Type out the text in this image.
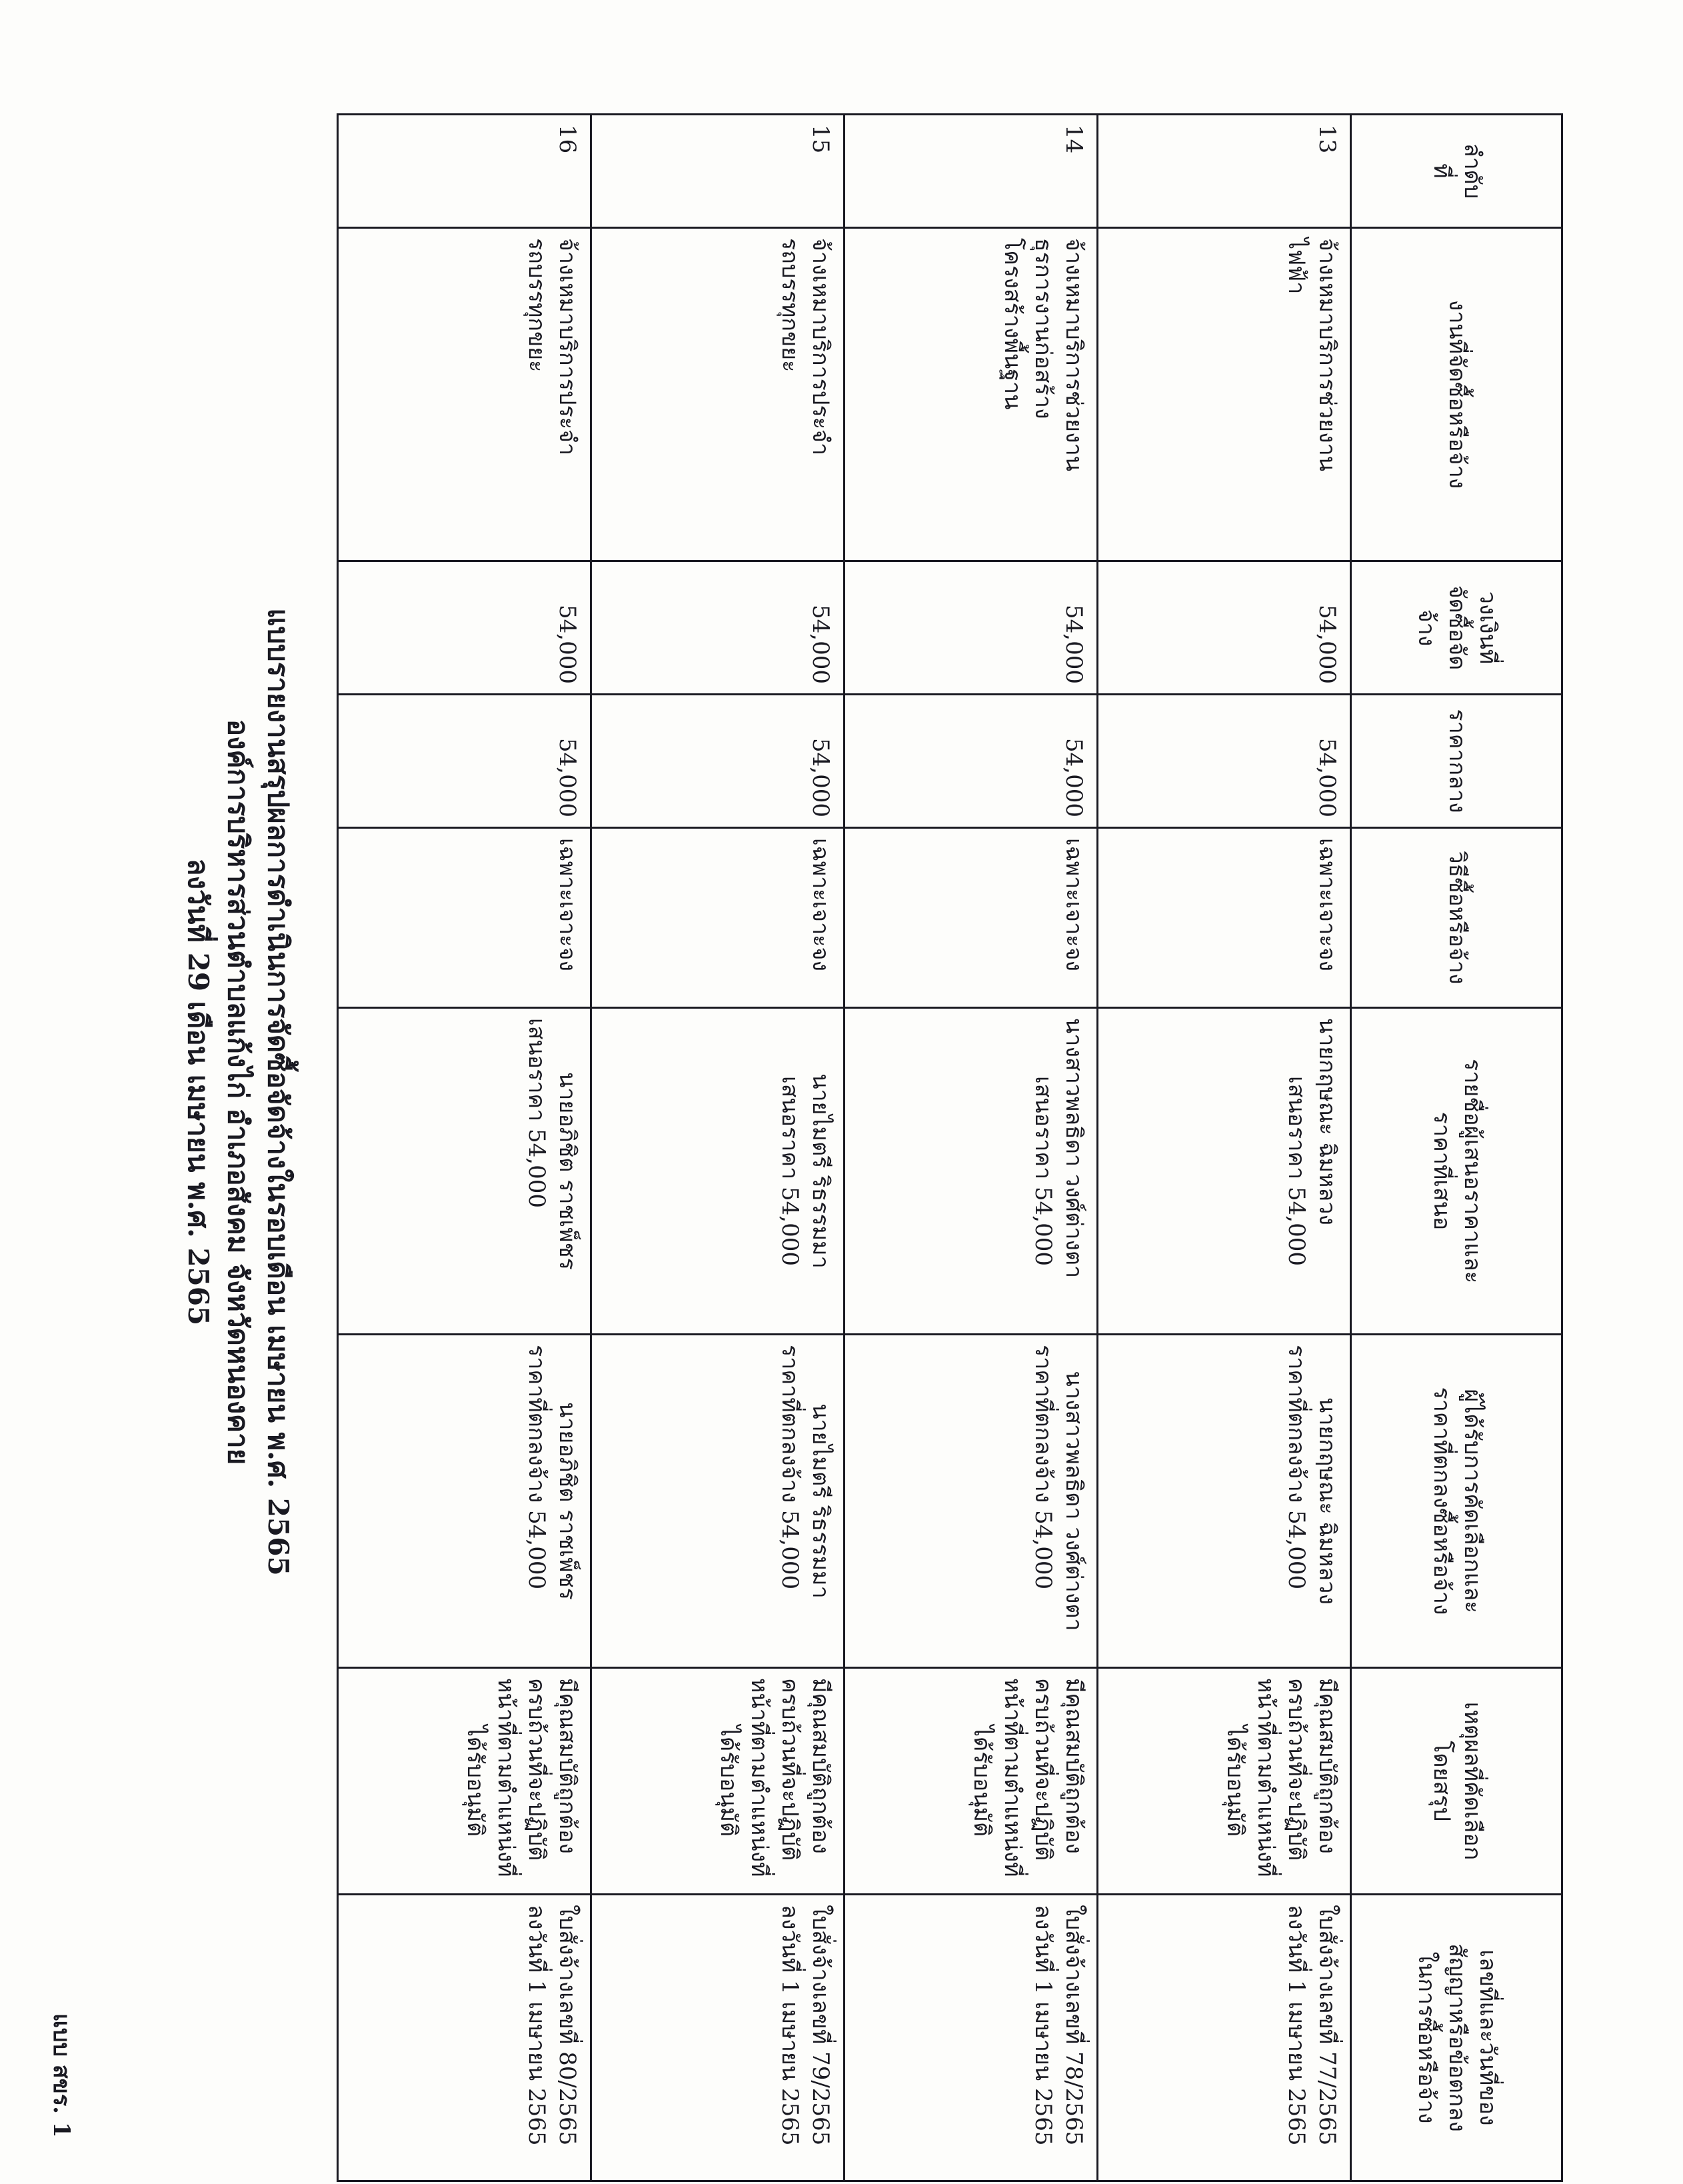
แบบ สขร. 1
แบบรายงานสรุปผลการดำเนินการจัดซื้อจัดจ้างในรอบเดือน เมษายน พ.ศ. 2565
องค์การบริหารส่วนตำบลแก้งไก่ อำเภอสังคม จังหวัดหนองคาย
ลงวันที่ 29 เดือน เมษายน พ.ศ. 2565
ลำดับ
ที่	งานที่จัดซื้อหรือจ้าง	วงเงินที่
จัดซื้อจัด
จ้าง	ราคากลาง	วิธีซื้อหรือจ้าง	รายชื่อผู้เสนอราคาและ
ราคาที่เสนอ	ผู้ได้รับการคัดเลือกและ
ราคาที่ตกลงซื้อหรือจ้าง	เหตุผลที่คัดเลือก
โดยสรุป	เลขที่และวันที่ของ
สัญญาหรือข้อตกลง
ในการซื้อหรือจ้าง

13	จ้างเหมาบริการช่วยงาน
ไฟฟ้า	54,000	54,000	เฉพาะเจาะจง	นายกฤษณะ ฉิมหลวง
เสนอราคา 54,000	นายกฤษณะ ฉิมหลวง
ราคาที่ตกลงจ้าง 54,000	มีคุณสมบัติถูกต้อง
ครบถ้วนที่จะปฏิบัติ
หน้าที่ตามตำแหน่งที่
ได้รับอนุมัติ	ใบสั่งจ้างเลขที่ 77/2565
ลงวันที่ 1 เมษายน 2565

14	จ้างเหมาบริการช่วยงาน
ธุรการงานก่อสร้าง
โครงสร้างพื้นฐาน	54,000	54,000	เฉพาะเจาะจง	นางสาวพลธิดา วงศ์ต่างตา
เสนอราคา 54,000	นางสาวพลธิดา วงศ์ต่างตา
ราคาที่ตกลงจ้าง 54,000	มีคุณสมบัติถูกต้อง
ครบถ้วนที่จะปฏิบัติ
หน้าที่ตามตำแหน่งที่
ได้รับอนุมัติ	ใบสั่งจ้างเลขที่ 78/2565
ลงวันที่ 1 เมษายน 2565

15	จ้างเหมาบริการประจำ
รถบรรทุกขยะ	54,000	54,000	เฉพาะเจาะจง	นายไมตรี ริธรรมมา
เสนอราคา 54,000	นายไมตรี ริธรรมมา
ราคาที่ตกลงจ้าง 54,000	มีคุณสมบัติถูกต้อง
ครบถ้วนที่จะปฏิบัติ
หน้าที่ตามตำแหน่งที่
ได้รับอนุมัติ	ใบสั่งจ้างเลขที่ 79/2565
ลงวันที่ 1 เมษายน 2565

16	จ้างเหมาบริการประจำ
รถบรรทุกขยะ	54,000	54,000	เฉพาะเจาะจง	นายอภิชิต ราชเพ็ชร
เสนอราคา 54,000	นายอภิชิต ราชเพ็ชร
ราคาที่ตกลงจ้าง 54,000	มีคุณสมบัติถูกต้อง
ครบถ้วนที่จะปฏิบัติ
หน้าที่ตามตำแหน่งที่
ได้รับอนุมัติ	ใบสั่งจ้างเลขที่ 80/2565
ลงวันที่ 1 เมษายน 2565
